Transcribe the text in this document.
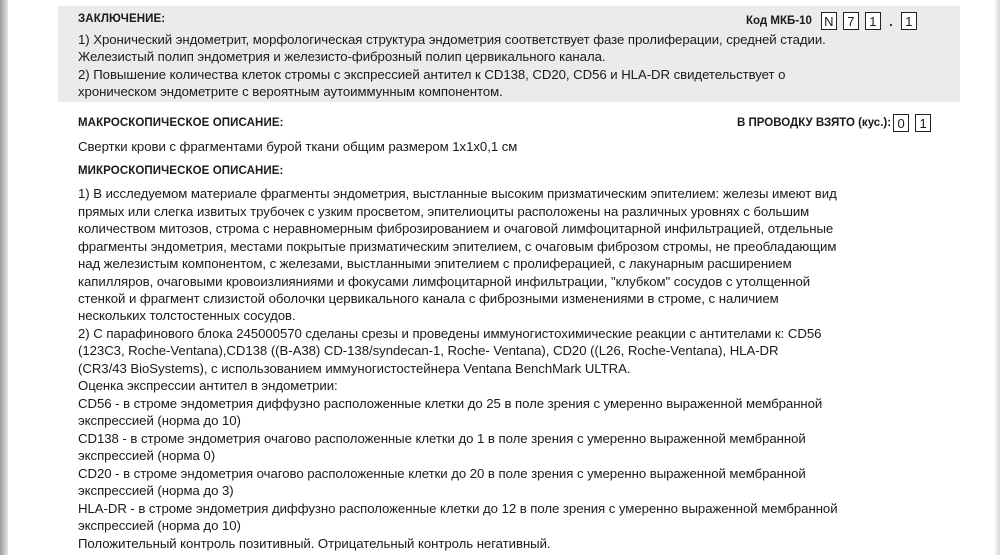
ЗАКЛЮЧЕНИЕ:	Код МКБ-10 N	7	1 . 1
1) Хронический эндометрит, морфологическая структура эндометрия соответствует фазе пролиферации, средней стадии.
Железистый полип эндометрия и железисто-фиброзный полип цервикального канала.
2) Повышение количества клеток стромы с экспрессией антител к CD138, CD20, CD56 и HLA-DR свидетельствует о
хроническом эндометрите с вероятным аутоиммунным компонентом.
МАКРОСКОПИЧЕСКОЕ ОПИСАНИЕ:	В ПРОВОДКУ ВЗЯТО (кус.): 0	1
Свертки крови с фрагментами бурой ткани общим размером 1х1х0,1 см
МИКРОСКОПИЧЕСКОЕ ОПИСАНИЕ:
1) В исследуемом материале фрагменты эндометрия, выстланные высоким призматическим эпителием: железы имеют вид
прямых или слегка извитых трубочек с узким просветом, эпителиоциты расположены на различных уровнях с большим
количеством митозов, строма с неравномерным фиброзированием и очаговой лимфоцитарной инфильтрацией, отдельные
фрагменты эндометрия, местами покрытые призматическим эпителием, с очаговым фиброзом стромы, не преобладающим
над железистым компонентом, с железами, выстланными эпителием с пролиферацией, с лакунарным расширением
капилляров, очаговыми кровоизлияниями и фокусами лимфоцитарной инфильтрации, "клубком" сосудов с утолщенной
стенкой и фрагмент слизистой оболочки цервикального канала с фиброзными изменениями в строме, с наличием
нескольких толстостенных сосудов.
2) С парафинового блока 245000570 сделаны срезы и проведены иммуногистохимические реакции с антителами к: CD56
(123C3, Roche-Ventana),CD138 ((B-A38) CD-138/syndecan-1, Roche- Ventana), CD20 ((L26, Roche-Ventana), HLA-DR
(CR3/43 BioSystems), с использованием иммуногистостейнера Ventana BenchMark ULTRA.
Оценка экспрессии антител в эндометрии:
CD56 - в строме эндометрия диффузно расположенные клетки до 25 в поле зрения с умеренно выраженной мембранной
экспрессией (норма до 10)
CD138 - в строме эндометрия очагово расположенные клетки до 1 в поле зрения с умеренно выраженной мембранной
экспрессией (норма 0)
CD20 - в строме эндометрия очагово расположенные клетки до 20 в поле зрения с умеренно выраженной мембранной
экспрессией (норма до 3)
HLA-DR - в строме эндометрия диффузно расположенные клетки до 12 в поле зрения с умеренно выраженной мембранной
экспрессией (норма до 10)
Положительный контроль позитивный. Отрицательный контроль негативный.
